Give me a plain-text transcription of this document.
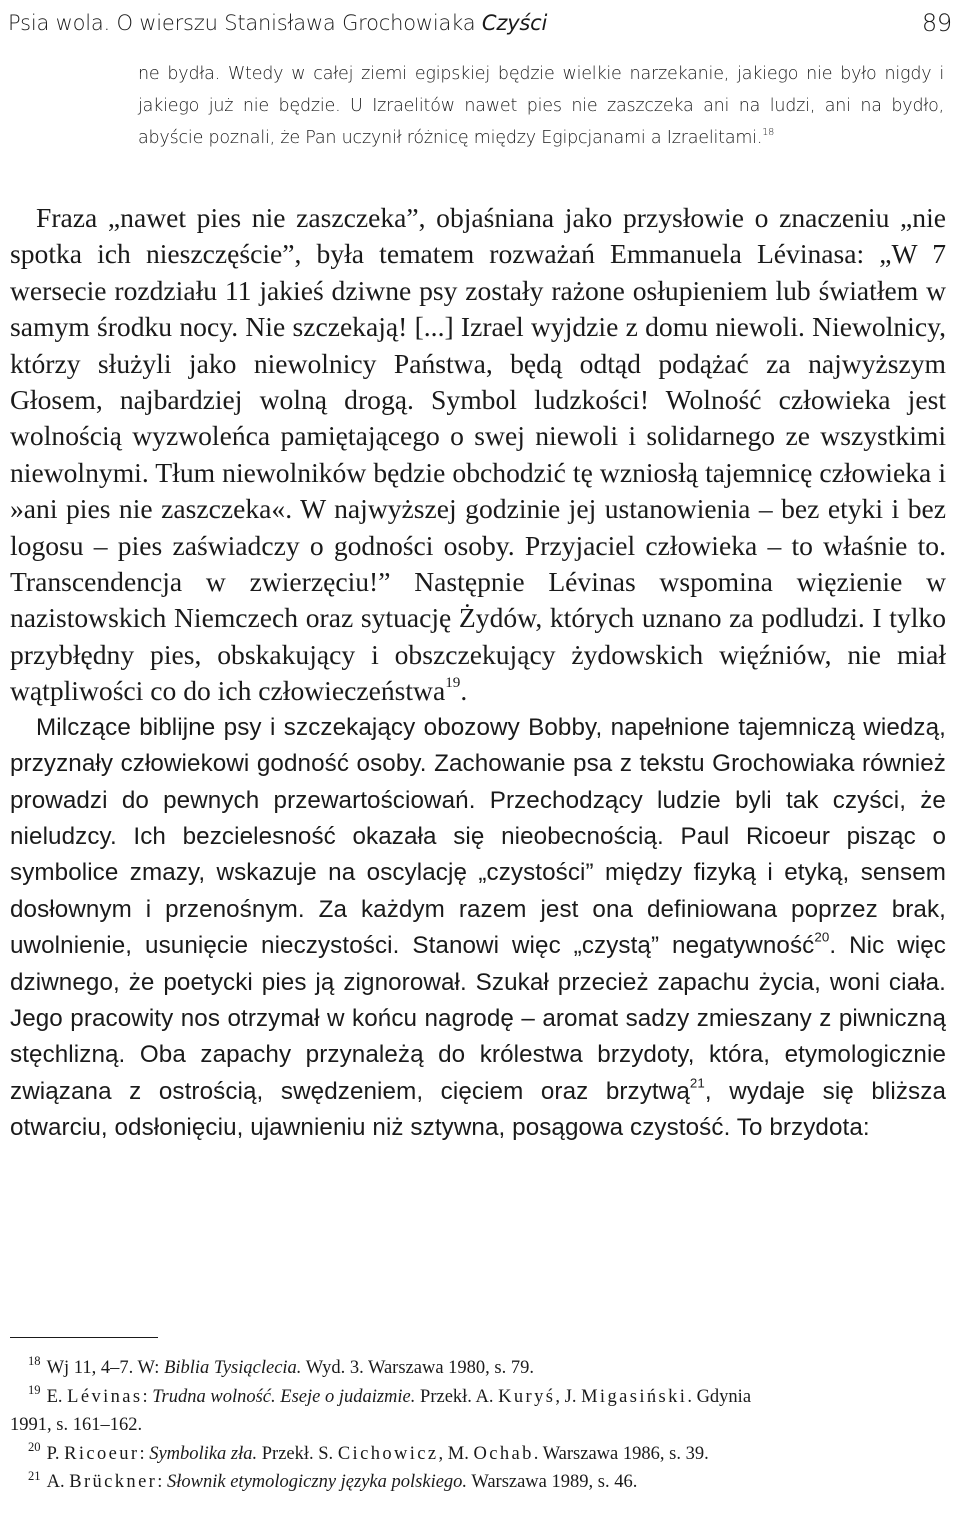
Psia wola. O wierszu Stanisława Grochowiaka Czyści	89
ne bydła. Wtedy w całej ziemi egipskiej będzie wielkie narzekanie, jakiego nie było nigdy i jakiego już nie będzie. U Izraelitów nawet pies nie zaszczeka ani na ludzi, ani na bydło, abyście poznali, że Pan uczynił różnicę między Egipcjanami a Izraelitami.$^{18}$

Fraza „nawet pies nie zaszczeka”, objaśniana jako przysłowie o znaczeniu „nie spotka ich nieszczęście”, była tematem rozważań Emmanuela Lévinasa: „W 7 wersecie rozdziału 11 jakieś dziwne psy zostały rażone osłupieniem lub światłem w samym środku nocy. Nie szczekają! [...] Izrael wyjdzie z domu niewoli. Niewolnicy, którzy służyli jako niewolnicy Państwa, będą odtąd podążać za najwyższym Głosem, najbardziej wolną drogą. Symbol ludzkości! Wolność człowieka jest wolnością wyzwoleńca pamiętającego o swej niewoli i solidarnego ze wszystkimi niewolnymi. Tłum niewolników będzie obchodzić tę wzniosłą tajemnicę człowieka i »ani pies nie zaszczeka«. W najwyższej godzinie jej ustanowienia – bez etyki i bez logosu – pies zaświadczy o godności osoby. Przyjaciel człowieka – to właśnie to. Transcendencja w zwierzęciu!” Następnie Lévinas wspomina więzienie w nazistowskich Niemczech oraz sytuację Żydów, których uznano za podludzi. I tylko przybłędny pies, obskakujący i obszczekujący żydowskich więźniów, nie miał wątpliwości co do ich człowieczeństwa$^{19}$.

Milczące biblijne psy i szczekający obozowy Bobby, napełnione tajemniczą wiedzą, przyznały człowiekowi godność osoby. Zachowanie psa z tekstu Grochowiaka również prowadzi do pewnych przewartościowań. Przechodzący ludzie byli tak czyści, że nieludzcy. Ich bezcielesność okazała się nieobecnością. Paul Ricoeur pisząc o symbolice zmazy, wskazuje na oscylację „czystości” między fizyką i etyką, sensem dosłownym i przenośnym. Za każdym razem jest ona definiowana poprzez brak, uwolnienie, usunięcie nieczystości. Stanowi więc „czystą” negatywność$^{20}$. Nic więc dziwnego, że poetycki pies ją zignorował. Szukał przecież zapachu życia, woni ciała. Jego pracowity nos otrzymał w końcu nagrodę – aromat sadzy zmieszany z piwniczną stęchlizną. Oba zapachy przynależą do królestwa brzydoty, która, etymologicznie związana z ostrością, swędzeniem, cięciem oraz brzytwą$^{21}$, wydaje się bliższa otwarciu, odsłonięciu, ujawnieniu niż sztywna, posągowa czystość. To brzydota:

$^{18}$ Wj 11, 4–7. W: Biblia Tysiąclecia. Wyd. 3. Warszawa 1980, s. 79.

$^{19}$ E. Lévinas: Trudna wolność. Eseje o judaizmie. Przekł. A. Kuryś, J. Migasiński. Gdynia

1991, s. 161–162.

$^{20}$ P. Ricoeur: Symbolika zła. Przekł. S. Cichowicz, M. Ochab. Warszawa 1986, s. 39.

$^{21}$ A. Brückner: Słownik etymologiczny języka polskiego. Warszawa 1989, s. 46.
